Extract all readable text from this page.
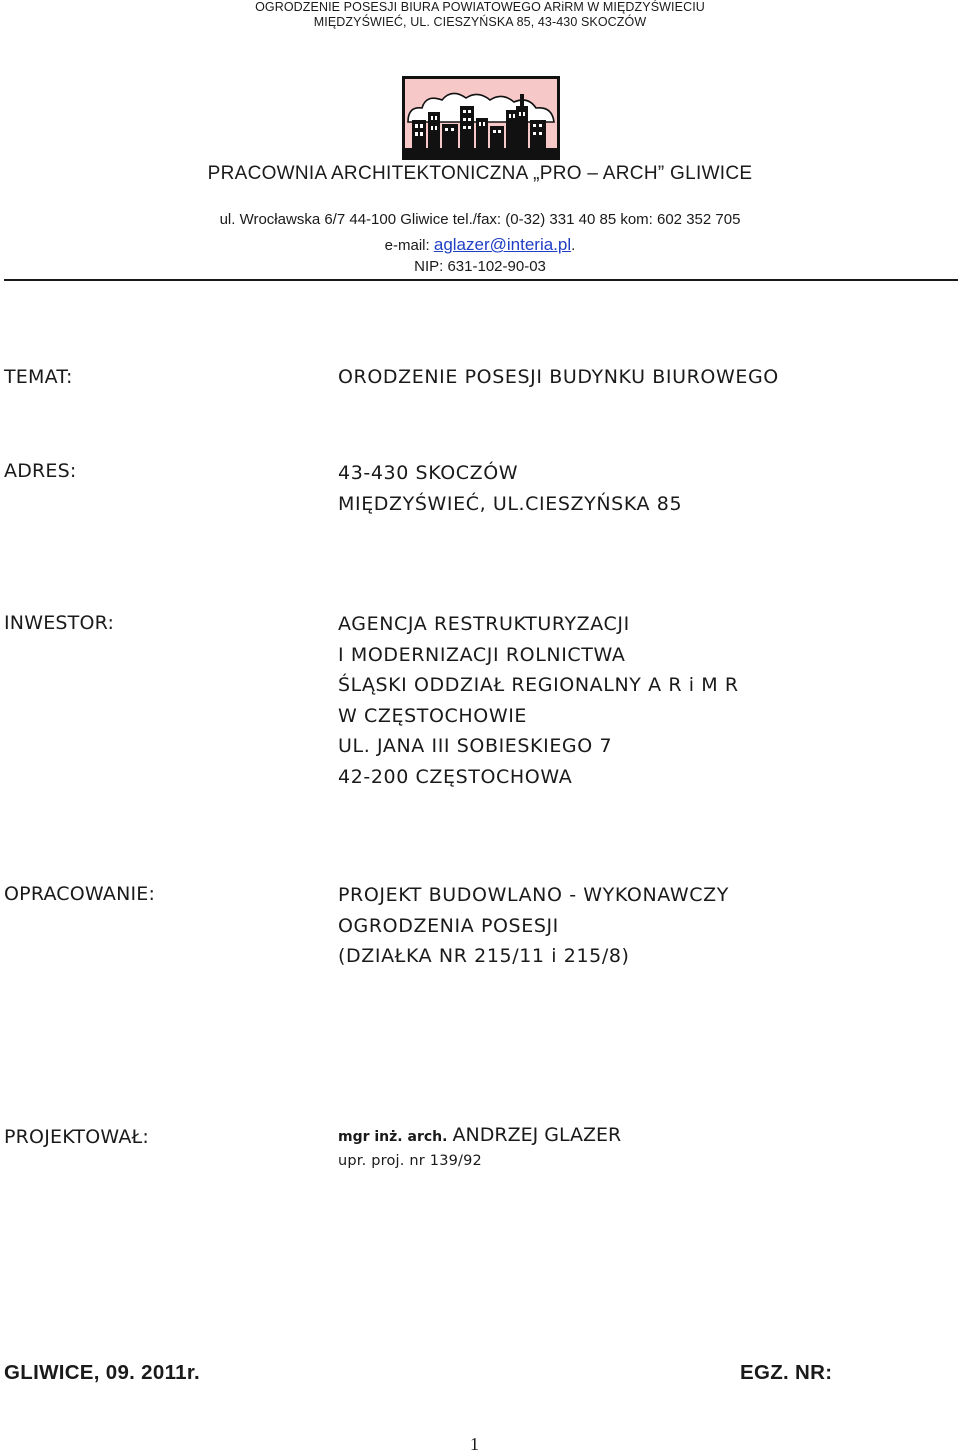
OGRODZENIE POSESJI BIURA POWIATOWEGO ARiRM W MIĘDZYŚWIECIU
MIĘDZYŚWIEĆ, UL. CIESZYŃSKA 85, 43-430 SKOCZÓW
PRACOWNIA ARCHITEKTONICZNA „PRO – ARCH” GLIWICE
ul. Wrocławska 6/7 44-100 Gliwice tel./fax: (0-32) 331 40 85 kom: 602 352 705
e-mail: aglazer@interia.pl.
NIP: 631-102-90-03
TEMAT:	ORODZENIE POSESJI BUDYNKU BIUROWEGO
ADRES:	43-430 SKOCZÓW
MIĘDZYŚWIEĆ, UL.CIESZYŃSKA 85
INWESTOR:	AGENCJA RESTRUKTURYZACJI
I MODERNIZACJI ROLNICTWA
ŚLĄSKI ODDZIAŁ REGIONALNY A R i M R
W CZĘSTOCHOWIE
UL. JANA III SOBIESKIEGO 7
42-200 CZĘSTOCHOWA
OPRACOWANIE:	PROJEKT BUDOWLANO - WYKONAWCZY
OGRODZENIA POSESJI
(DZIAŁKA NR 215/11 i 215/8)
PROJEKTOWAŁ:	mgr inż. arch. ANDRZEJ GLAZER
upr. proj. nr 139/92
GLIWICE, 09. 2011r.	EGZ. NR:
1
